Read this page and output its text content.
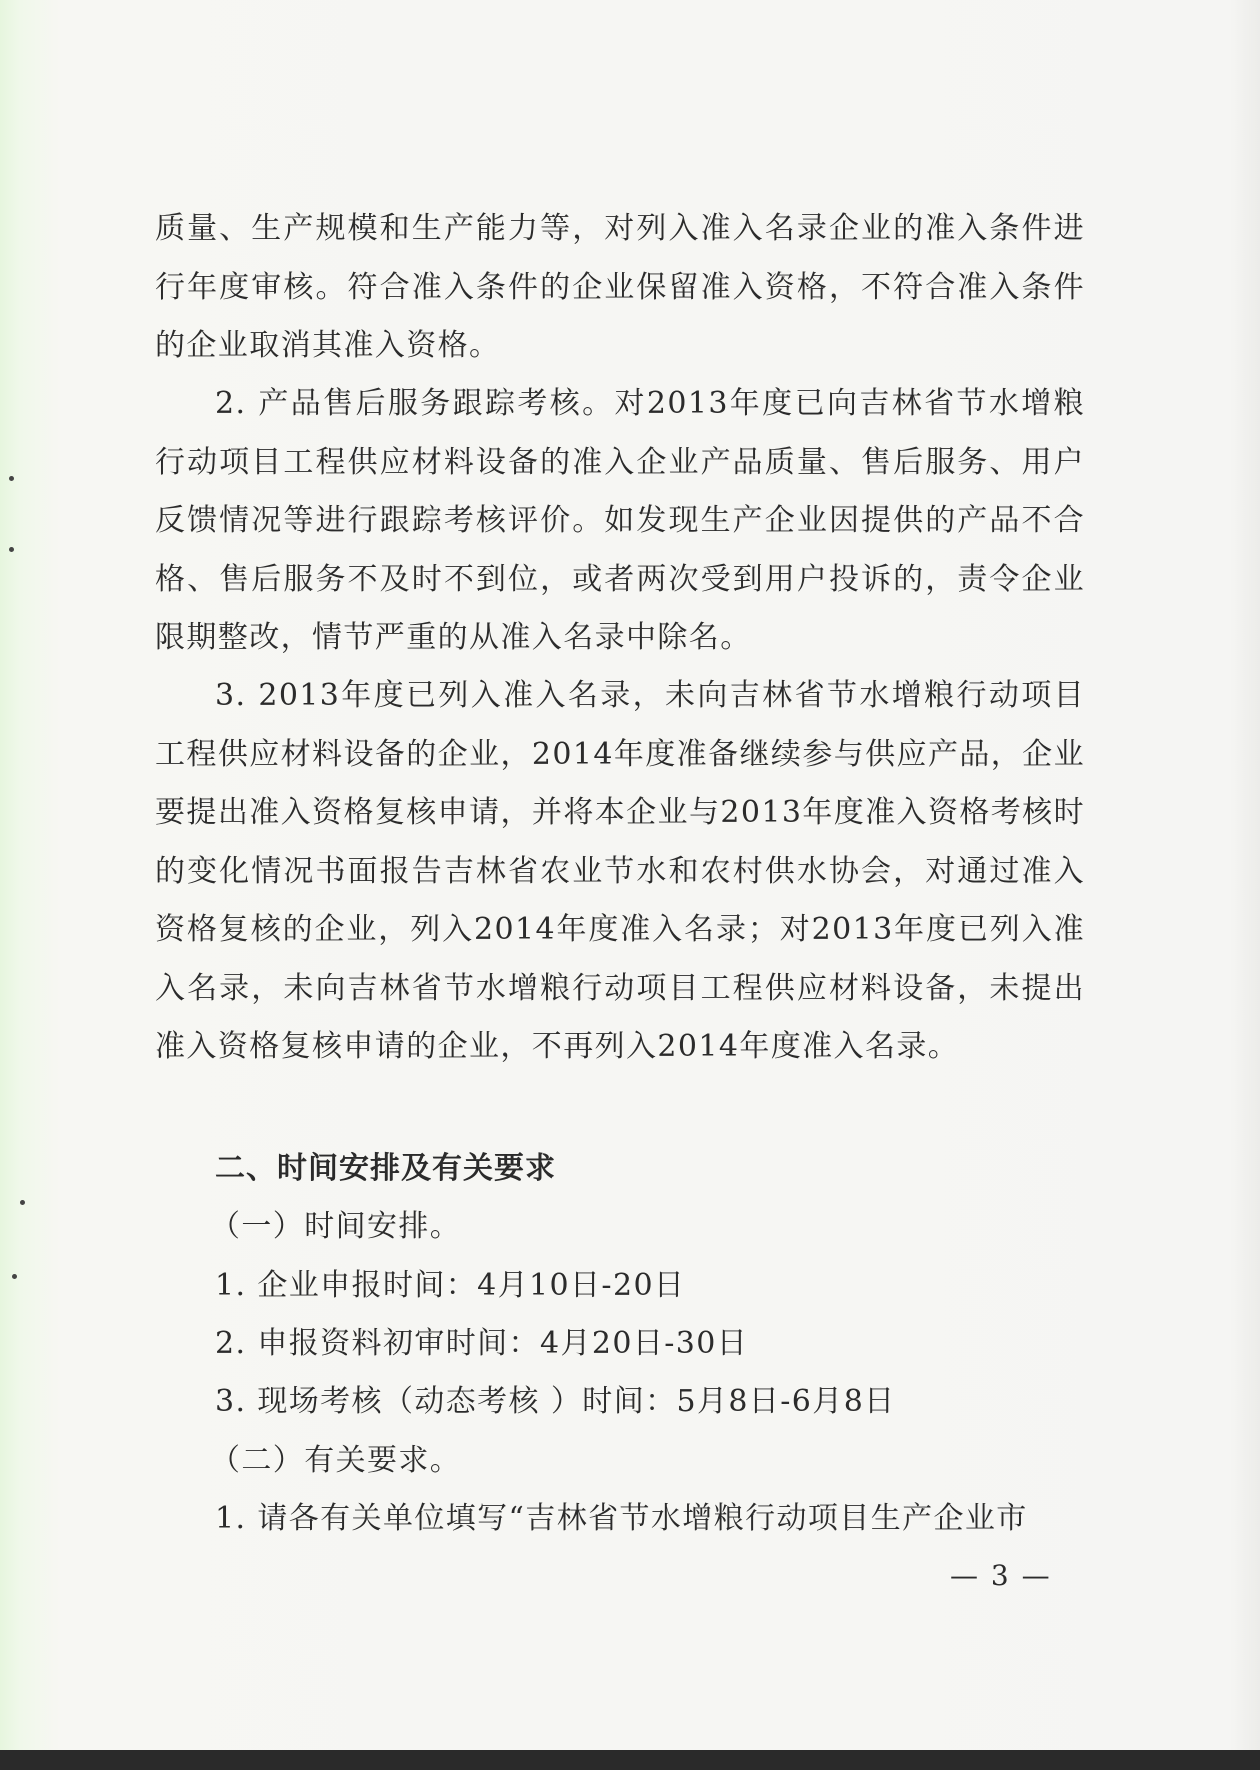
质量、生产规模和生产能力等，对列入准入名录企业的准入条件进行年度审核。符合准入条件的企业保留准入资格，不符合准入条件的企业取消其准入资格。

2. 产品售后服务跟踪考核。对2013年度已向吉林省节水增粮行动项目工程供应材料设备的准入企业产品质量、售后服务、用户反馈情况等进行跟踪考核评价。如发现生产企业因提供的产品不合格、售后服务不及时不到位，或者两次受到用户投诉的，责令企业限期整改，情节严重的从准入名录中除名。

3. 2013年度已列入准入名录，未向吉林省节水增粮行动项目工程供应材料设备的企业，2014年度准备继续参与供应产品，企业要提出准入资格复核申请，并将本企业与2013年度准入资格考核时的变化情况书面报告吉林省农业节水和农村供水协会，对通过准入资格复核的企业，列入2014年度准入名录；对2013年度已列入准入名录，未向吉林省节水增粮行动项目工程供应材料设备，未提出准入资格复核申请的企业，不再列入2014年度准入名录。

二、时间安排及有关要求

（一）时间安排。

1. 企业申报时间：4月10日-20日

2. 申报资料初审时间：4月20日-30日

3. 现场考核（动态考核 ）时间：5月8日-6月8日

（二）有关要求。

1. 请各有关单位填写“吉林省节水增粮行动项目生产企业市

— 3 —
